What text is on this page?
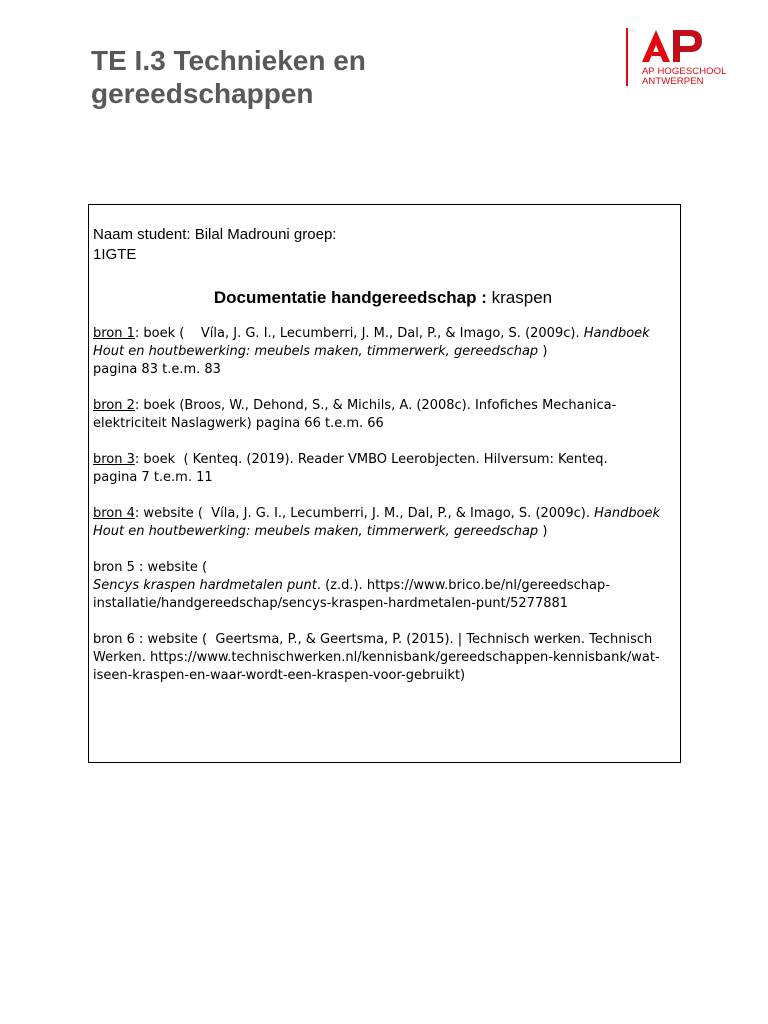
TE I.3 Technieken en gereedschappen
AP HOGESCHOOL
ANTWERPEN

Naam student: Bilal Madrouni groep:
1IGTE

Documentatie handgereedschap : kraspen

bron 1: boek ( Víla, J. G. I., Lecumberri, J. M., Dal, P., & Imago, S. (2009c). Handboek Hout en houtbewerking: meubels maken, timmerwerk, gereedschap )
pagina 83 t.e.m. 83

bron 2: boek (Broos, W., Dehond, S., & Michils, A. (2008c). Infofiches Mechanica-elektriciteit Naslagwerk) pagina 66 t.e.m. 66

bron 3: boek ( Kenteq. (2019). Reader VMBO Leerobjecten. Hilversum: Kenteq.
pagina 7 t.e.m. 11

bron 4: website ( Víla, J. G. I., Lecumberri, J. M., Dal, P., & Imago, S. (2009c). Handboek Hout en houtbewerking: meubels maken, timmerwerk, gereedschap )

bron 5 : website (
Sencys kraspen hardmetalen punt. (z.d.). https://www.brico.be/nl/gereedschap-installatie/handgereedschap/sencys-kraspen-hardmetalen-punt/5277881

bron 6 : website ( Geertsma, P., & Geertsma, P. (2015). | Technisch werken. Technisch Werken. https://www.technischwerken.nl/kennisbank/gereedschappen-kennisbank/wat-iseen-kraspen-en-waar-wordt-een-kraspen-voor-gebruikt)
